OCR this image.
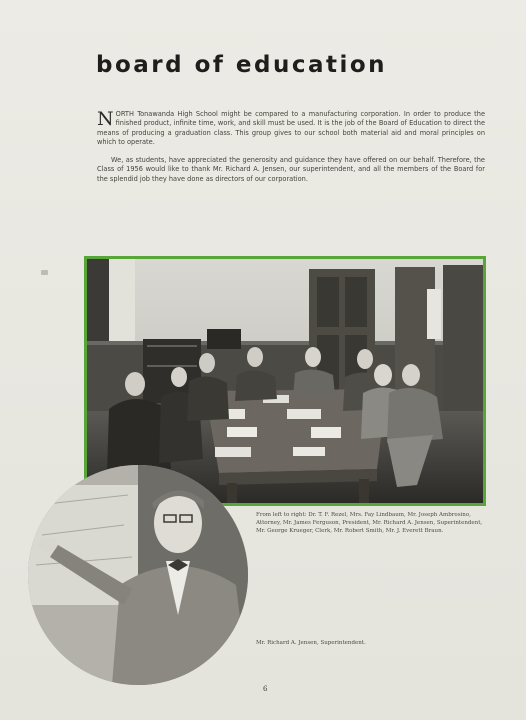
board of education

NORTH Tonawanda High School might be compared to a manufacturing corporation. In order to produce the finished product, infinite time, work, and skill must be used. It is the job of the Board of Education to direct the means of producing a graduation class. This group gives to our school both material aid and moral principles on which to operate.

We, as students, have appreciated the generosity and guidance they have offered on our behalf. Therefore, the Class of 1956 would like to thank Mr. Richard A. Jensen, our superintendent, and all the members of the Board for the splendid job they have done as directors of our corporation.

From left to right: Dr. T. F. Rezel, Mrs. Fay Lindbaum, Mr. Joseph Ambrosino, Attorney, Mr. James Ferguson, President, Mr. Richard A. Jensen, Superintendent, Mr. George Krueger, Clerk, Mr. Robert Smith, Mr. J. Everett Braun.

Mr. Richard A. Jensen, Superintendent.
6
